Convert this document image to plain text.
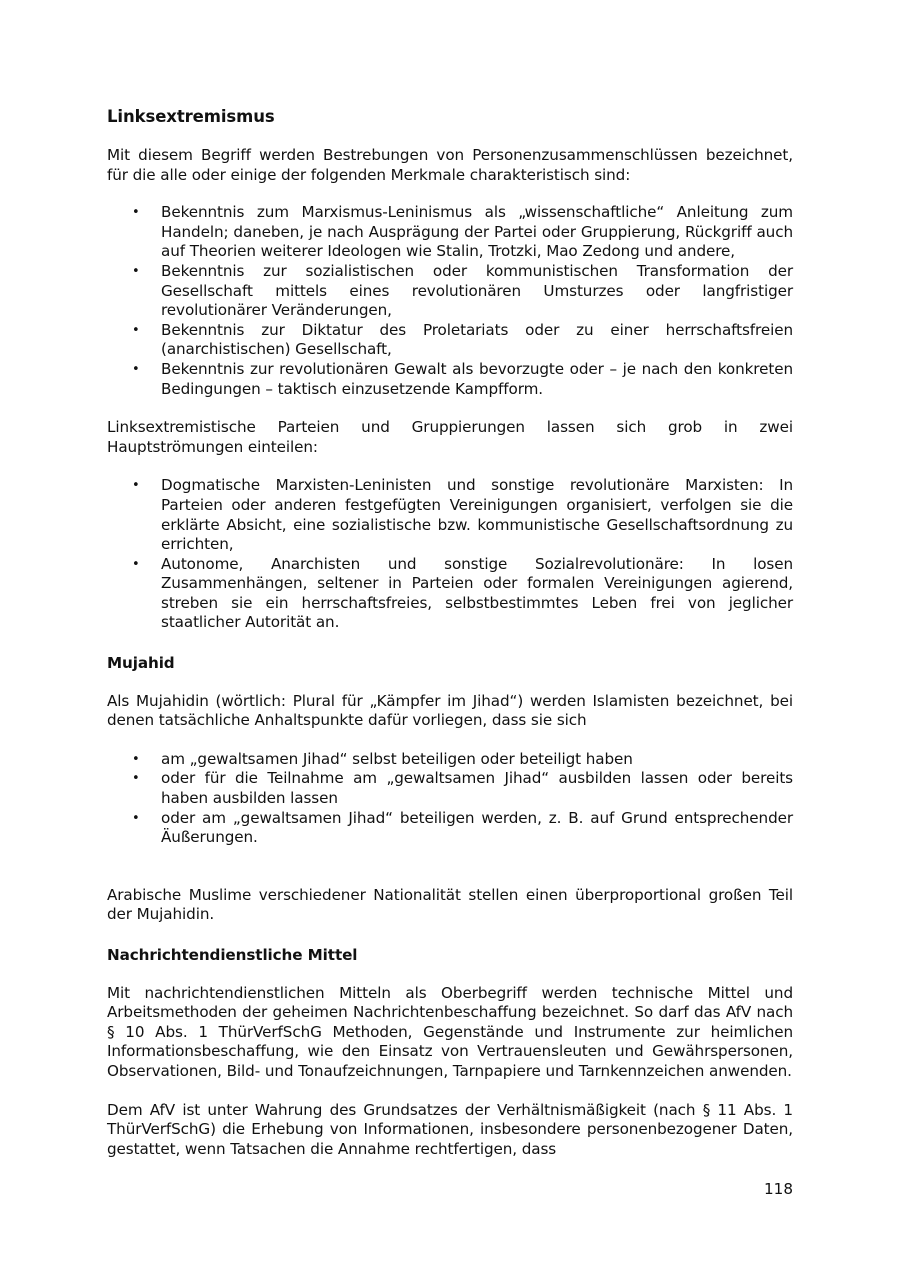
Linksextremismus

Mit diesem Begriff werden Bestrebungen von Personenzusammenschlüssen bezeichnet, für die alle oder einige der folgenden Merkmale charakteristisch sind:

• Bekenntnis zum Marxismus-Leninismus als „wissenschaftliche“ Anleitung zum Handeln; daneben, je nach Ausprägung der Partei oder Gruppierung, Rückgriff auch auf Theorien weiterer Ideologen wie Stalin, Trotzki, Mao Zedong und andere,
• Bekenntnis zur sozialistischen oder kommunistischen Transformation der Gesellschaft mittels eines revolutionären Umsturzes oder langfristiger revolutionärer Veränderungen,
• Bekenntnis zur Diktatur des Proletariats oder zu einer herrschaftsfreien (anarchistischen) Gesellschaft,
• Bekenntnis zur revolutionären Gewalt als bevorzugte oder – je nach den konkreten Bedingungen – taktisch einzusetzende Kampfform.

Linksextremistische Parteien und Gruppierungen lassen sich grob in zwei Hauptströmungen einteilen:

• Dogmatische Marxisten-Leninisten und sonstige revolutionäre Marxisten: In Parteien oder anderen festgefügten Vereinigungen organisiert, verfolgen sie die erklärte Absicht, eine sozialistische bzw. kommunistische Gesellschaftsordnung zu errichten,
• Autonome, Anarchisten und sonstige Sozialrevolutionäre: In losen Zusammenhängen, seltener in Parteien oder formalen Vereinigungen agierend, streben sie ein herrschaftsfreies, selbstbestimmtes Leben frei von jeglicher staatlicher Autorität an.
Mujahid

Als Mujahidin (wörtlich: Plural für „Kämpfer im Jihad“) werden Islamisten bezeichnet, bei denen tatsächliche Anhaltspunkte dafür vorliegen, dass sie sich

• am „gewaltsamen Jihad“ selbst beteiligen oder beteiligt haben
• oder für die Teilnahme am „gewaltsamen Jihad“ ausbilden lassen oder bereits haben ausbilden lassen
• oder am „gewaltsamen Jihad“ beteiligen werden, z. B. auf Grund entsprechender Äußerungen.

Arabische Muslime verschiedener Nationalität stellen einen überproportional großen Teil der Mujahidin.

Nachrichtendienstliche Mittel

Mit nachrichtendienstlichen Mitteln als Oberbegriff werden technische Mittel und Arbeitsmethoden der geheimen Nachrichtenbeschaffung bezeichnet. So darf das AfV nach § 10 Abs. 1 ThürVerfSchG Methoden, Gegenstände und Instrumente zur heimlichen Informationsbeschaffung, wie den Einsatz von Vertrauensleuten und Gewährspersonen, Observationen, Bild- und Tonaufzeichnungen, Tarnpapiere und Tarnkennzeichen anwenden.

Dem AfV ist unter Wahrung des Grundsatzes der Verhältnismäßigkeit (nach § 11 Abs. 1 ThürVerfSchG) die Erhebung von Informationen, insbesondere personenbezogener Daten, gestattet, wenn Tatsachen die Annahme rechtfertigen, dass

118
